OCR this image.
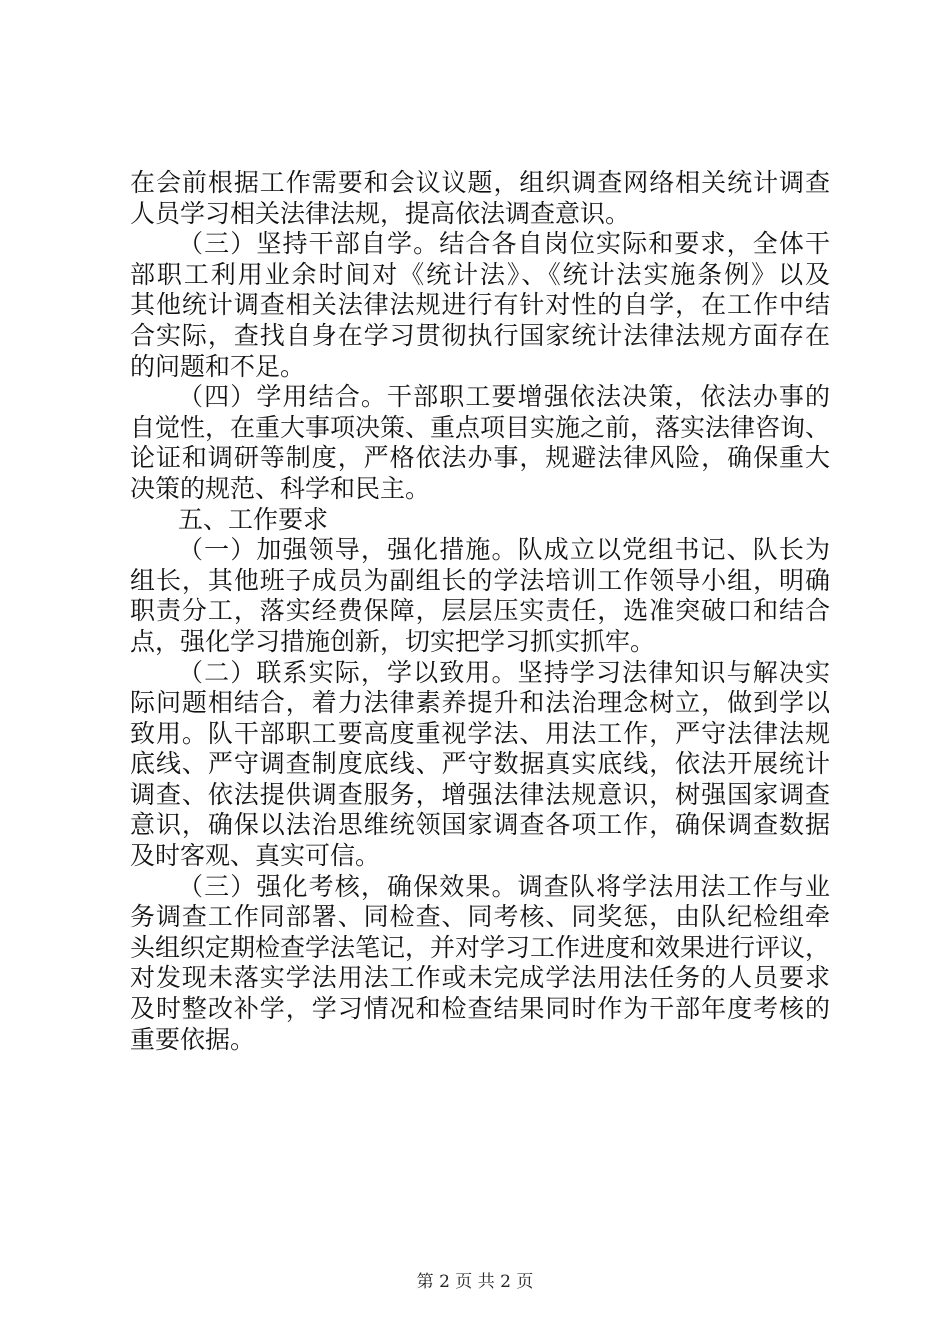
在会前根据工作需要和会议议题，组织调查网络相关统计调查
人员学习相关法律法规，提高依法调查意识。
（三）坚持干部自学。结合各自岗位实际和要求，全体干
部职工利用业余时间对《统计法》、《统计法实施条例》以及
其他统计调查相关法律法规进行有针对性的自学，在工作中结
合实际，查找自身在学习贯彻执行国家统计法律法规方面存在
的问题和不足。
（四）学用结合。干部职工要增强依法决策，依法办事的
自觉性，在重大事项决策、重点项目实施之前，落实法律咨询、
论证和调研等制度，严格依法办事，规避法律风险，确保重大
决策的规范、科学和民主。
五、工作要求
（一）加强领导，强化措施。队成立以党组书记、队长为
组长，其他班子成员为副组长的学法培训工作领导小组，明确
职责分工，落实经费保障，层层压实责任，选准突破口和结合
点，强化学习措施创新，切实把学习抓实抓牢。
（二）联系实际，学以致用。坚持学习法律知识与解决实
际问题相结合，着力法律素养提升和法治理念树立，做到学以
致用。队干部职工要高度重视学法、用法工作，严守法律法规
底线、严守调查制度底线、严守数据真实底线，依法开展统计
调查、依法提供调查服务，增强法律法规意识，树强国家调查
意识，确保以法治思维统领国家调查各项工作，确保调查数据
及时客观、真实可信。
（三）强化考核，确保效果。调查队将学法用法工作与业
务调查工作同部署、同检查、同考核、同奖惩，由队纪检组牵
头组织定期检查学法笔记，并对学习工作进度和效果进行评议，
对发现未落实学法用法工作或未完成学法用法任务的人员要求
及时整改补学，学习情况和检查结果同时作为干部年度考核的
重要依据。
第 2 页 共 2 页
